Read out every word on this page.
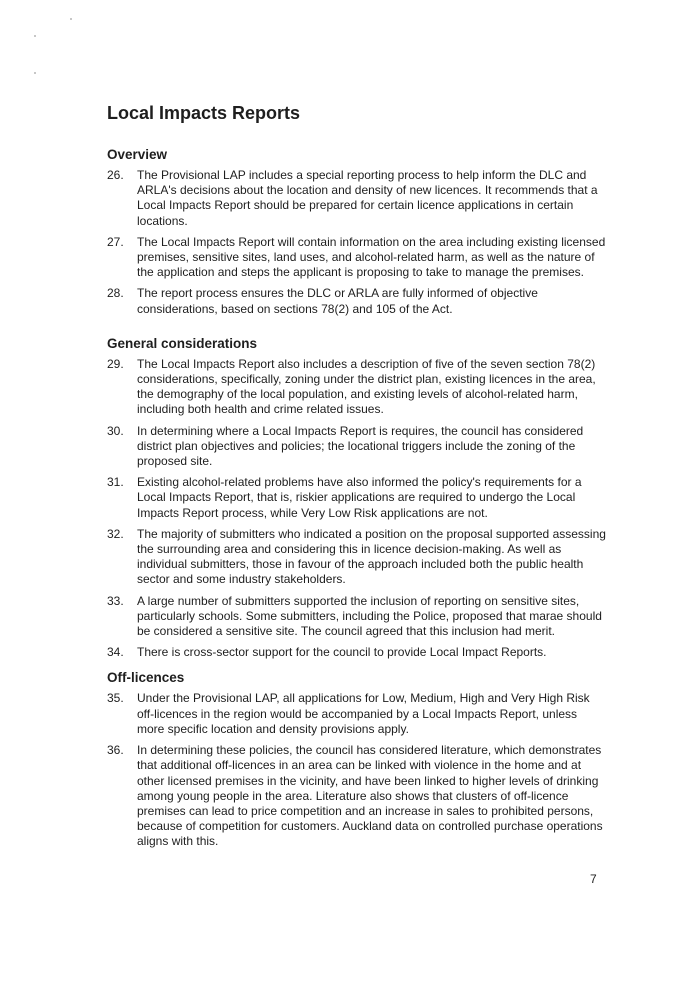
Local Impacts Reports
Overview
26. The Provisional LAP includes a special reporting process to help inform the DLC and ARLA's decisions about the location and density of new licences. It recommends that a Local Impacts Report should be prepared for certain licence applications in certain locations.
27. The Local Impacts Report will contain information on the area including existing licensed premises, sensitive sites, land uses, and alcohol-related harm, as well as the nature of the application and steps the applicant is proposing to take to manage the premises.
28. The report process ensures the DLC or ARLA are fully informed of objective considerations, based on sections 78(2) and 105 of the Act.
General considerations
29. The Local Impacts Report also includes a description of five of the seven section 78(2) considerations, specifically, zoning under the district plan, existing licences in the area, the demography of the local population, and existing levels of alcohol-related harm, including both health and crime related issues.
30. In determining where a Local Impacts Report is requires, the council has considered district plan objectives and policies; the locational triggers include the zoning of the proposed site.
31. Existing alcohol-related problems have also informed the policy's requirements for a Local Impacts Report, that is, riskier applications are required to undergo the Local Impacts Report process, while Very Low Risk applications are not.
32. The majority of submitters who indicated a position on the proposal supported assessing the surrounding area and considering this in licence decision-making. As well as individual submitters, those in favour of the approach included both the public health sector and some industry stakeholders.
33. A large number of submitters supported the inclusion of reporting on sensitive sites, particularly schools. Some submitters, including the Police, proposed that marae should be considered a sensitive site. The council agreed that this inclusion had merit.
34. There is cross-sector support for the council to provide Local Impact Reports.
Off-licences
35. Under the Provisional LAP, all applications for Low, Medium, High and Very High Risk off-licences in the region would be accompanied by a Local Impacts Report, unless more specific location and density provisions apply.
36. In determining these policies, the council has considered literature, which demonstrates that additional off-licences in an area can be linked with violence in the home and at other licensed premises in the vicinity, and have been linked to higher levels of drinking among young people in the area. Literature also shows that clusters of off-licence premises can lead to price competition and an increase in sales to prohibited persons, because of competition for customers. Auckland data on controlled purchase operations aligns with this.
7
